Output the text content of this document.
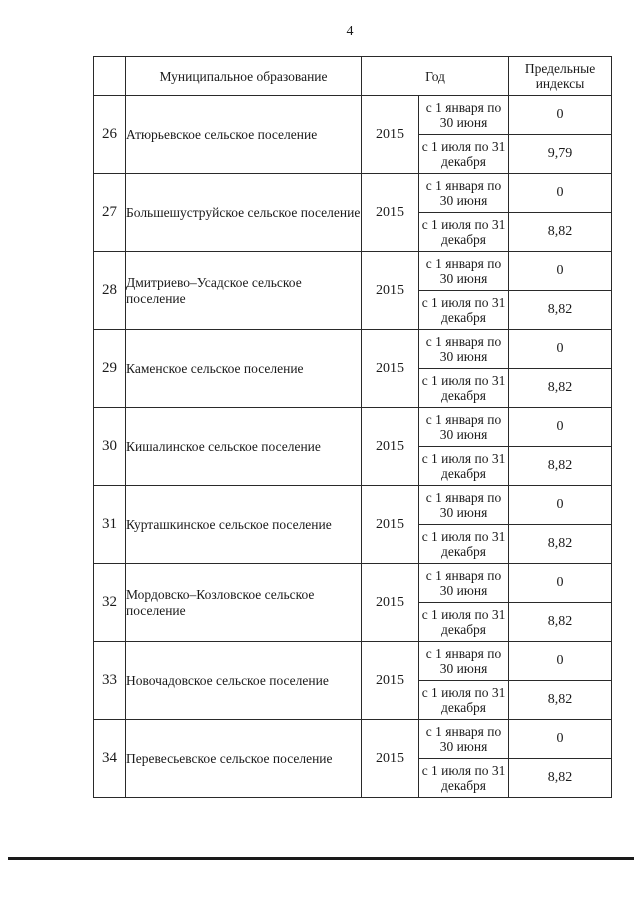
4
	Муниципальное образование	Год		Предельные индексы
26	Атюрьевское сельское поселение	2015	с 1 января по 30 июня	0
			с 1 июля по 31 декабря	9,79
27	Большешуструйское сельское поселение	2015	с 1 января по 30 июня	0
			с 1 июля по 31 декабря	8,82
28	Дмитриево–Усадское сельское поселение	2015	с 1 января по 30 июня	0
			с 1 июля по 31 декабря	8,82
29	Каменское сельское поселение	2015	с 1 января по 30 июня	0
			с 1 июля по 31 декабря	8,82
30	Кишалинское сельское поселение	2015	с 1 января по 30 июня	0
			с 1 июля по 31 декабря	8,82
31	Курташкинское сельское поселение	2015	с 1 января по 30 июня	0
			с 1 июля по 31 декабря	8,82
32	Мордовско–Козловское сельское поселение	2015	с 1 января по 30 июня	0
			с 1 июля по 31 декабря	8,82
33	Новочадовское сельское поселение	2015	с 1 января по 30 июня	0
			с 1 июля по 31 декабря	8,82
34	Перевесьевское сельское поселение	2015	с 1 января по 30 июня	0
			с 1 июля по 31 декабря	8,82
